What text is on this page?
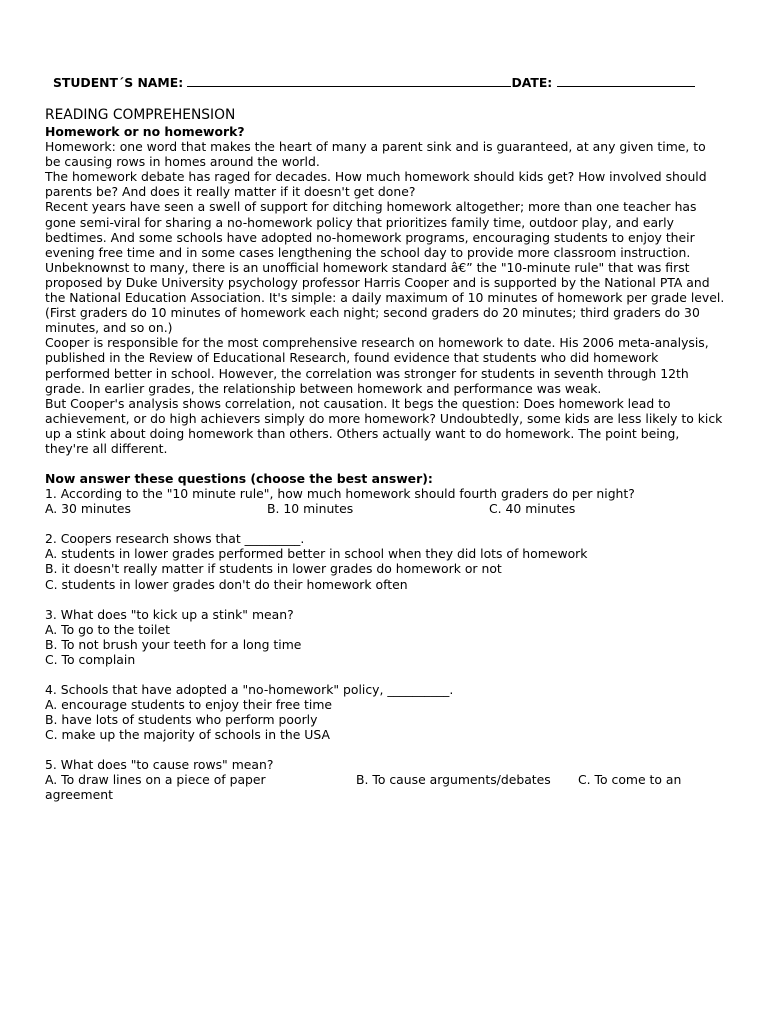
STUDENT´S NAME:	DATE:
READING COMPREHENSION
Homework or no homework?

Homework: one word that makes the heart of many a parent sink and is guaranteed, at any given time, to be causing rows in homes around the world.

The homework debate has raged for decades. How much homework should kids get? How involved should parents be? And does it really matter if it doesn't get done?

Recent years have seen a swell of support for ditching homework altogether; more than one teacher has gone semi-viral for sharing a no-homework policy that prioritizes family time, outdoor play, and early bedtimes. And some schools have adopted no-homework programs, encouraging students to enjoy their evening free time and in some cases lengthening the school day to provide more classroom instruction.

Unbeknownst to many, there is an unofficial homework standard â€” the "10-minute rule" that was first proposed by Duke University psychology professor Harris Cooper and is supported by the National PTA and the National Education Association. It's simple: a daily maximum of 10 minutes of homework per grade level. (First graders do 10 minutes of homework each night; second graders do 20 minutes; third graders do 30 minutes, and so on.)

Cooper is responsible for the most comprehensive research on homework to date. His 2006 meta-analysis, published in the Review of Educational Research, found evidence that students who did homework performed better in school. However, the correlation was stronger for students in seventh through 12th grade. In earlier grades, the relationship between homework and performance was weak.

But Cooper's analysis shows correlation, not causation. It begs the question: Does homework lead to achievement, or do high achievers simply do more homework? Undoubtedly, some kids are less likely to kick up a stink about doing homework than others. Others actually want to do homework. The point being, they're all different.

Now answer these questions (choose the best answer):
1. According to the "10 minute rule", how much homework should fourth graders do per night?
A. 30 minutes	B. 10 minutes	C. 40 minutes
2. Coopers research shows that _________.
A. students in lower grades performed better in school when they did lots of homework
B. it doesn't really matter if students in lower grades do homework or not
C. students in lower grades don't do their homework often
3. What does "to kick up a stink" mean?
A. To go to the toilet
B. To not brush your teeth for a long time
C. To complain
4. Schools that have adopted a "no-homework" policy, __________.
A. encourage students to enjoy their free time
B. have lots of students who perform poorly
C. make up the majority of schools in the USA
5. What does "to cause rows" mean?
A. To draw lines on a piece of paper	B. To cause arguments/debates C. To come to an
agreement
